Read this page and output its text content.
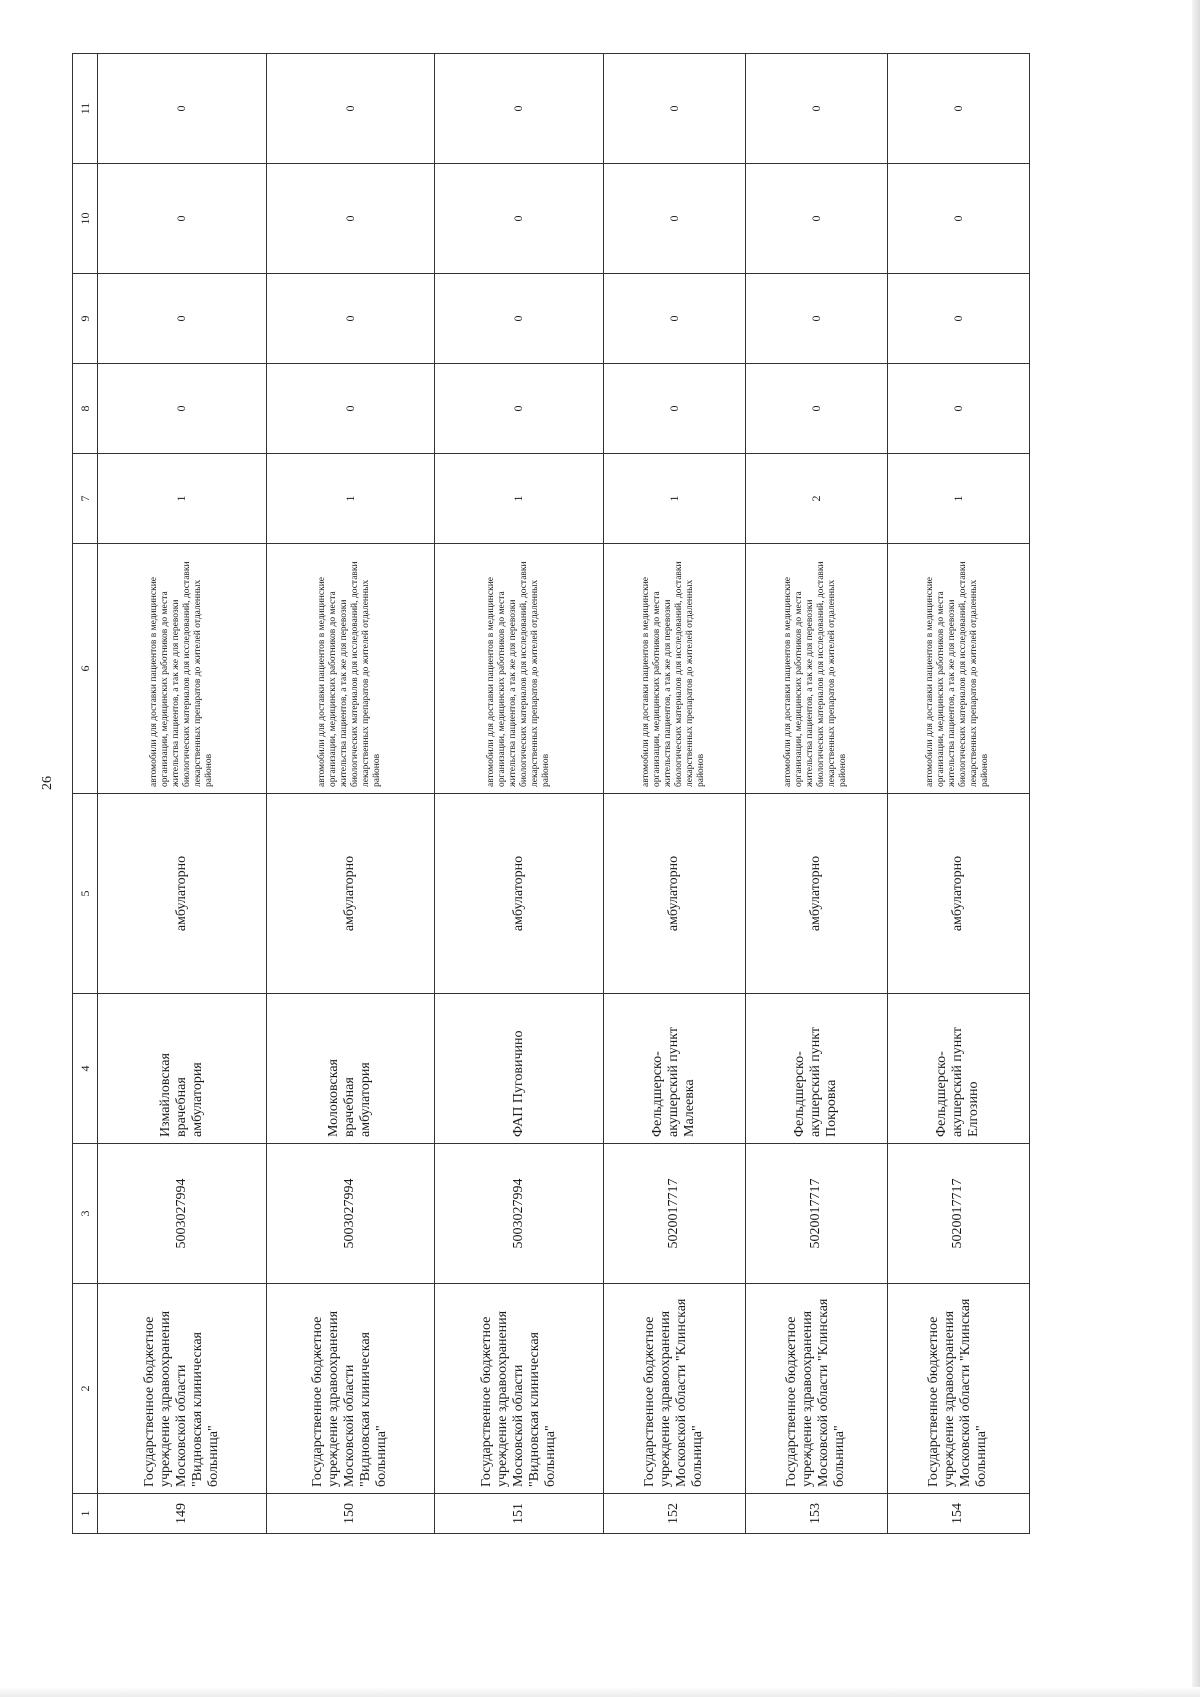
26
1	2	3	4	5	6	7	8	9	10	11
149	Государственное бюджетное учреждение здравоохранения Московской области "Видновская клиническая больница"	5003027994	Измайловская врачебная амбулатория	амбулаторно	автомобили для доставки пациентов в медицинские организации, медицинских работников до места жительства пациентов, а так же для перевозки биологических материалов для исследований, доставки лекарственных препаратов до жителей отдаленных районов	1	0	0	0	0
150	Государственное бюджетное учреждение здравоохранения Московской области "Видновская клиническая больница"	5003027994	Молоковская врачебная амбулатория	амбулаторно	автомобили для доставки пациентов в медицинские организации, медицинских работников до места жительства пациентов, а так же для перевозки биологических материалов для исследований, доставки лекарственных препаратов до жителей отдаленных районов	1	0	0	0	0
151	Государственное бюджетное учреждение здравоохранения Московской области "Видновская клиническая больница"	5003027994	ФАП Пуговичино	амбулаторно	автомобили для доставки пациентов в медицинские организации, медицинских работников до места жительства пациентов, а так же для перевозки биологических материалов для исследований, доставки лекарственных препаратов до жителей отдаленных районов	1	0	0	0	0
152	Государственное бюджетное учреждение здравоохранения Московской области "Клинская больница"	5020017717	Фельдшерско-акушерский пункт Малеевка	амбулаторно	автомобили для доставки пациентов в медицинские организации, медицинских работников до места жительства пациентов, а так же для перевозки биологических материалов для исследований, доставки лекарственных препаратов до жителей отдаленных районов	1	0	0	0	0
153	Государственное бюджетное учреждение здравоохранения Московской области "Клинская больница"	5020017717	Фельдшерско-акушерский пункт Покровка	амбулаторно	автомобили для доставки пациентов в медицинские организации, медицинских работников до места жительства пациентов, а так же для перевозки биологических материалов для исследований, доставки лекарственных препаратов до жителей отдаленных районов	2	0	0	0	0
154	Государственное бюджетное учреждение здравоохранения Московской области "Клинская больница"	5020017717	Фельдшерско-акушерский пункт Елгозино	амбулаторно	автомобили для доставки пациентов в медицинские организации, медицинских работников до места жительства пациентов, а так же для перевозки биологических материалов для исследований, доставки лекарственных препаратов до жителей отдаленных районов	1	0	0	0	0
